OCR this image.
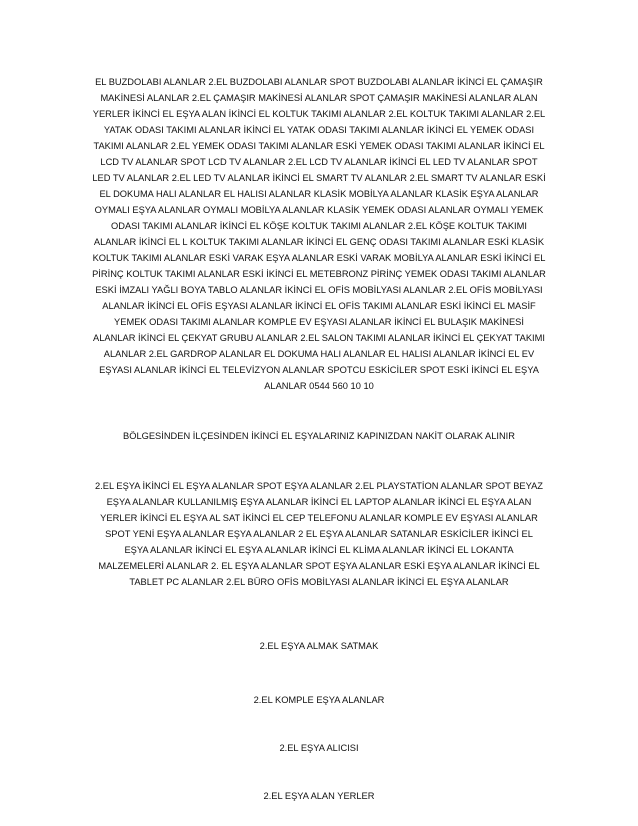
EL BUZDOLABI ALANLAR 2.EL BUZDOLABI ALANLAR SPOT BUZDOLABI ALANLAR İKİNCİ EL ÇAMAŞIR MAKİNESİ ALANLAR 2.EL ÇAMAŞIR MAKİNESİ ALANLAR SPOT ÇAMAŞIR MAKİNESİ ALANLAR ALAN YERLER İKİNCİ EL EŞYA ALAN İKİNCİ EL KOLTUK TAKIMI ALANLAR 2.EL KOLTUK TAKIMI ALANLAR 2.EL YATAK ODASI TAKIMI ALANLAR İKİNCİ EL YATAK ODASI TAKIMI ALANLAR İKİNCİ EL YEMEK ODASI TAKIMI ALANLAR 2.EL YEMEK ODASI TAKIMI ALANLAR ESKİ YEMEK ODASI TAKIMI ALANLAR İKİNCİ EL LCD TV ALANLAR SPOT LCD TV ALANLAR 2.EL LCD TV ALANLAR İKİNCİ EL LED TV ALANLAR SPOT LED TV ALANLAR 2.EL LED TV ALANLAR İKİNCİ EL SMART TV ALANLAR 2.EL SMART TV ALANLAR ESKİ EL DOKUMA HALI ALANLAR EL HALISI ALANLAR KLASİK MOBİLYA ALANLAR KLASİK EŞYA ALANLAR OYMALI EŞYA ALANLAR OYMALI MOBİLYA ALANLAR KLASİK YEMEK ODASI ALANLAR OYMALI YEMEK ODASI TAKIMI ALANLAR İKİNCİ EL KÖŞE KOLTUK TAKIMI ALANLAR 2.EL KÖŞE KOLTUK TAKIMI ALANLAR İKİNCİ EL L KOLTUK TAKIMI ALANLAR İKİNCİ EL GENÇ ODASI TAKIMI ALANLAR ESKİ KLASİK KOLTUK TAKIMI ALANLAR ESKİ VARAK EŞYA ALANLAR ESKİ VARAK MOBİLYA ALANLAR ESKİ İKİNCİ EL PİRİNÇ KOLTUK TAKIMI ALANLAR ESKİ İKİNCİ EL METEBRONZ PİRİNÇ YEMEK ODASI TAKIMI ALANLAR ESKİ İMZALI YAĞLI BOYA TABLO ALANLAR İKİNCİ EL OFİS MOBİLYASI ALANLAR 2.EL OFİS MOBİLYASI ALANLAR İKİNCİ EL OFİS EŞYASI ALANLAR İKİNCİ EL OFİS TAKIMI ALANLAR ESKİ İKİNCİ EL MASİF YEMEK ODASI TAKIMI ALANLAR KOMPLE EV EŞYASI ALANLAR İKİNCİ EL BULAŞIK MAKİNESİ ALANLAR İKİNCİ EL ÇEKYAT GRUBU ALANLAR 2.EL SALON TAKIMI ALANLAR İKİNCİ EL ÇEKYAT TAKIMI ALANLAR 2.EL GARDROP ALANLAR EL DOKUMA HALI ALANLAR EL HALISI ALANLAR İKİNCİ EL EV EŞYASI ALANLAR İKİNCİ EL TELEVİZYON ALANLAR SPOTCU ESKİCİLER SPOT ESKİ İKİNCİ EL EŞYA ALANLAR 0544 560 10 10

BÖLGESİNDEN İLÇESİNDEN İKİNCİ EL EŞYALARINIZ KAPINIZDAN NAKİT OLARAK ALINIR

2.EL EŞYA İKİNCİ EL EŞYA ALANLAR SPOT EŞYA ALANLAR 2.EL PLAYSTATİON ALANLAR SPOT BEYAZ EŞYA ALANLAR KULLANILMIŞ EŞYA ALANLAR İKİNCİ EL LAPTOP ALANLAR İKİNCİ EL EŞYA ALAN YERLER İKİNCİ EL EŞYA AL SAT İKİNCİ EL CEP TELEFONU ALANLAR KOMPLE EV EŞYASI ALANLAR SPOT YENİ EŞYA ALANLAR EŞYA ALANLAR 2 EL EŞYA ALANLAR SATANLAR ESKİCİLER İKİNCİ EL EŞYA ALANLAR İKİNCİ EL EŞYA ALANLAR İKİNCİ EL KLİMA ALANLAR İKİNCİ EL LOKANTA MALZEMELERİ ALANLAR 2. EL EŞYA ALANLAR SPOT EŞYA ALANLAR ESKİ EŞYA ALANLAR İKİNCİ EL TABLET PC ALANLAR 2.EL BÜRO OFİS MOBİLYASI ALANLAR İKİNCİ EL EŞYA ALANLAR

2.EL EŞYA ALMAK SATMAK

2.EL KOMPLE EŞYA ALANLAR

2.EL EŞYA ALICISI

2.EL EŞYA ALAN YERLER
